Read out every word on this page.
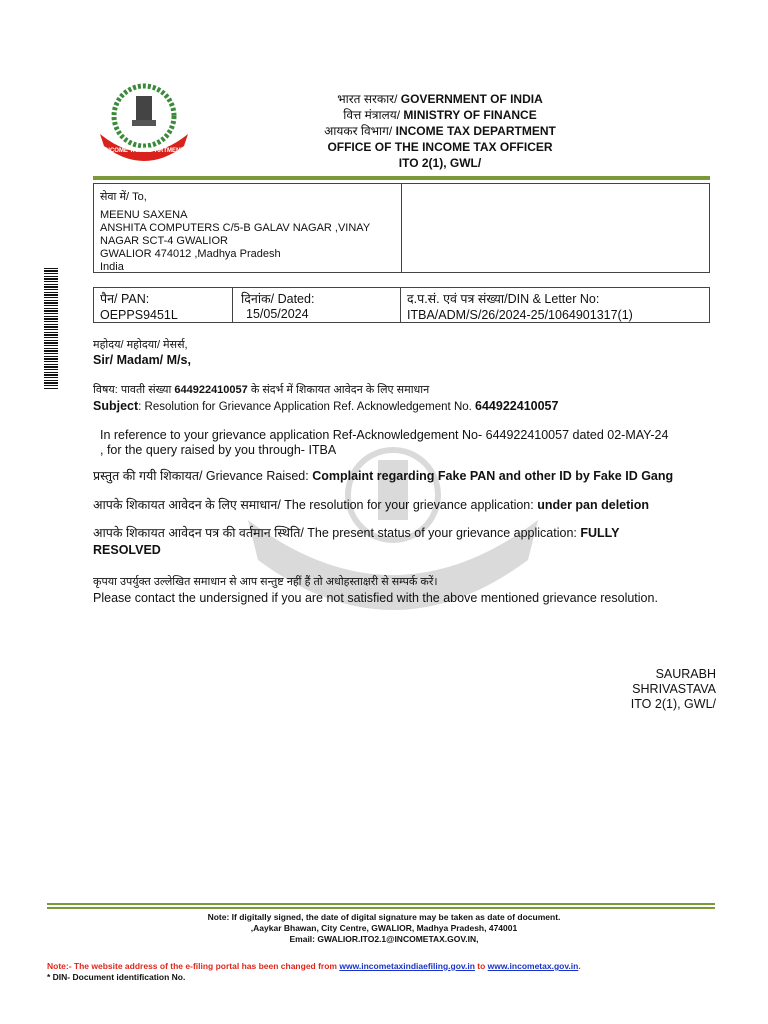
INCOME TAX DEPARTMENT
भारत सरकार/ GOVERNMENT OF INDIA
वित्त मंत्रालय/ MINISTRY OF FINANCE
आयकर विभाग/ INCOME TAX DEPARTMENT
OFFICE OF THE INCOME TAX OFFICER
ITO 2(1), GWL/
सेवा में/ To,
MEENU SAXENA
ANSHITA COMPUTERS C/5-B GALAV NAGAR ,VINAY
NAGAR SCT-4 GWALIOR
GWALIOR 474012 ,Madhya Pradesh
India
पैन/ PAN:
OEPPS9451L
दिनांक/ Dated:
15/05/2024
द.प.सं. एवं पत्र संख्या/DIN & Letter No:
ITBA/ADM/S/26/2024-25/1064901317(1)
महोदय/ महोदया/ मेसर्स,
Sir/ Madam/ M/s,
विषय: पावती संख्या 644922410057 के संदर्भ में शिकायत आवेदन के लिए समाधान
Subject: Resolution for Grievance Application Ref. Acknowledgement No. 644922410057
In reference to your grievance application Ref-Acknowledgement No- 644922410057 dated 02-MAY-24
, for the query raised by you through- ITBA
प्रस्तुत की गयी शिकायत/ Grievance Raised: Complaint regarding Fake PAN and other ID by Fake ID Gang
आपके शिकायत आवेदन के लिए समाधान/ The resolution for your grievance application: under pan deletion
आपके शिकायत आवेदन पत्र की वर्तमान स्थिति/ The present status of your grievance application: FULLY
RESOLVED
कृपया उपर्युक्त उल्लेखित समाधान से आप सन्तुष्ट नहीं हैं तो अधोहस्ताक्षरी से सम्पर्क करें।
Please contact the undersigned if you are not satisfied with the above mentioned grievance resolution.
SAURABH
SHRIVASTAVA
ITO 2(1), GWL/
Note: If digitally signed, the date of digital signature may be taken as date of document.
,Aaykar Bhawan, City Centre, GWALIOR, Madhya Pradesh, 474001
Email: GWALIOR.ITO2.1@INCOMETAX.GOV.IN,
Note:- The website address of the e-filing portal has been changed from www.incometaxindiaefiling.gov.in to www.incometax.gov.in.
* DIN- Document identification No.
